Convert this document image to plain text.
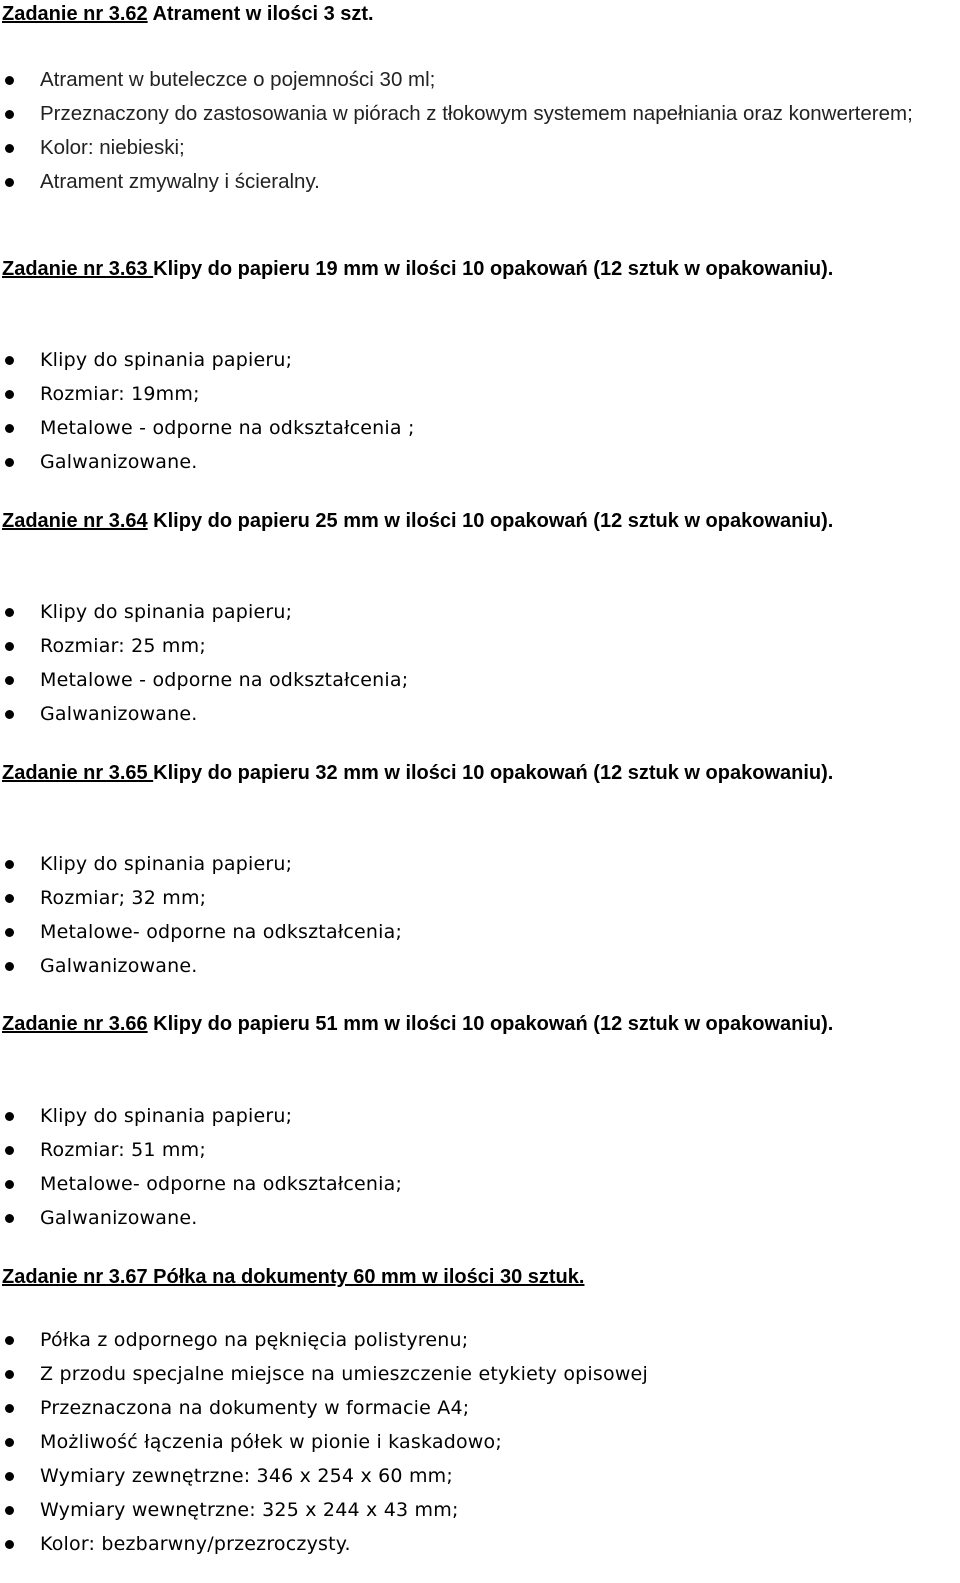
Zadanie nr 3.62 Atrament w ilości 3 szt.
Atrament w buteleczce o pojemności 30 ml;
Przeznaczony do zastosowania w piórach z tłokowym systemem napełniania oraz konwerterem;
Kolor: niebieski;
Atrament zmywalny i ścieralny.
Zadanie nr 3.63 Klipy do papieru 19 mm w ilości 10 opakowań (12 sztuk w opakowaniu).
Klipy do spinania papieru;
Rozmiar: 19mm;
Metalowe - odporne na odkształcenia ;
Galwanizowane.
Zadanie nr 3.64 Klipy do papieru 25 mm w ilości 10 opakowań (12 sztuk w opakowaniu).
Klipy do spinania papieru;
Rozmiar: 25 mm;
Metalowe - odporne na odkształcenia;
Galwanizowane.
Zadanie nr 3.65 Klipy do papieru 32 mm w ilości 10 opakowań (12 sztuk w opakowaniu).
Klipy do spinania papieru;
Rozmiar; 32 mm;
Metalowe- odporne na odkształcenia;
Galwanizowane.
Zadanie nr 3.66 Klipy do papieru 51 mm w ilości 10 opakowań (12 sztuk w opakowaniu).
Klipy do spinania papieru;
Rozmiar: 51 mm;
Metalowe- odporne na odkształcenia;
Galwanizowane.
Zadanie nr 3.67 Półka na dokumenty 60 mm w ilości 30 sztuk.
Półka z odpornego na pęknięcia polistyrenu;
Z przodu specjalne miejsce na umieszczenie etykiety opisowej
Przeznaczona na dokumenty w formacie A4;
Możliwość łączenia półek w pionie i kaskadowo;
Wymiary zewnętrzne: 346 x 254 x 60 mm;
Wymiary wewnętrzne: 325 x 244 x 43 mm;
Kolor: bezbarwny/przezroczysty.
